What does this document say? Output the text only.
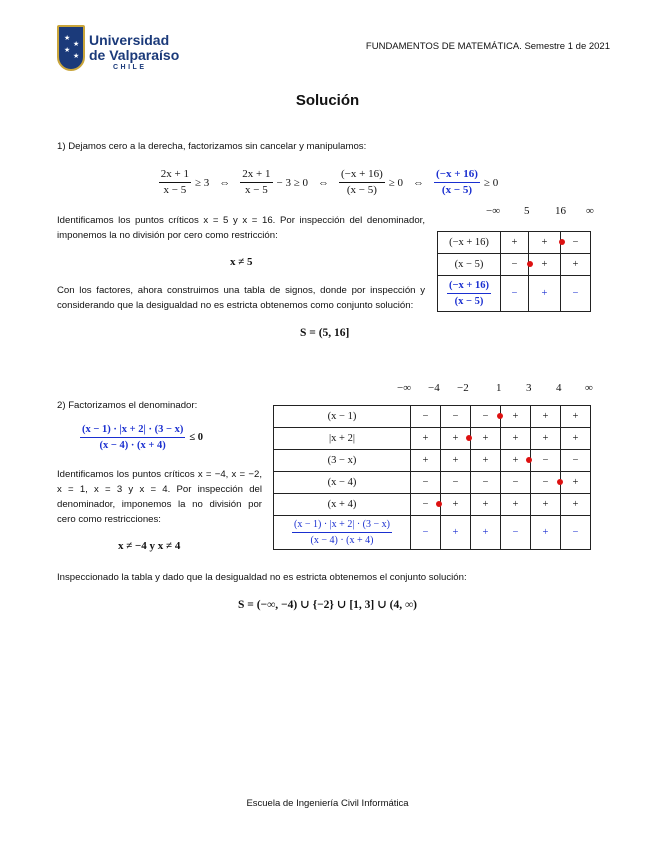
★
★
★
★
Universidad
de Valparaíso
CHILE
FUNDAMENTOS DE MATEMÁTICA. Semestre 1 de 2021
Solución
1) Dejamos cero a la derecha, factorizamos sin cancelar y manipulamos:
$\frac{2x + 1}{x - 5} \ge 3$ ⇔ $\frac{2x + 1}{x - 5} - 3 \ge 0$ ⇔ $\frac{(-x + 16)}{(x - 5)} \ge 0$ ⇔ $\frac{(-x + 16)}{(x - 5)} \ge 0$
Identificamos los puntos críticos x = 5 y x = 16. Por inspección del denominador, imponemos la no división por cero como restricción:
x ≠ 5
Con los factores, ahora construimos una tabla de signos, donde por inspección y considerando que la desigualdad no es estricta obtenemos como conjunto solución:
S = (5, 16]
−∞ 5 16 ∞
(−x + 16)	+	+	−
(x − 5)	−	+	+

$\frac{(-x + 16)}{(x - 5)}$	−	+	−
2) Factorizamos el denominador:
$\frac{(x - 1) \cdot |x + 2| \cdot (3 - x)}{(x - 4) \cdot (x + 4)} \le 0$
Identificamos los puntos críticos x = −4, x = −2, x = 1, x = 3 y x = 4. Por inspección del denominador, imponemos la no división por cero como restricciones:
x ≠ −4 y x ≠ 4
−∞ −4 −2 1 3 4 ∞
(x − 1)	−	−	−	+	+	+
|x + 2|	+	+	+	+	+	+
(3 − x)	+	+	+	+	−	−
(x − 4)	−	−	−	−	−	+
(x + 4)	−	+	+	+	+	+

$\frac{(x - 1) \cdot |x + 2| \cdot (3 - x)}{(x - 4) \cdot (x + 4)}$	−	+	+	−	+	−
Inspeccionado la tabla y dado que la desigualdad no es estricta obtenemos el conjunto solución:
S = (−∞, −4) ∪ {−2} ∪ [1, 3] ∪ (4, ∞)
Escuela de Ingeniería Civil Informática
